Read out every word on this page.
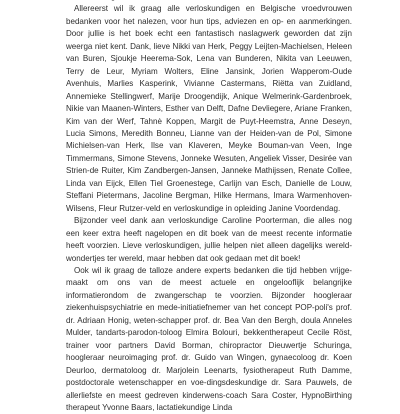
Allereerst wil ik graag alle verloskundigen en Belgische vroedvrouwen bedanken voor het nalezen, voor hun tips, adviezen en op- en aanmerkingen. Door jullie is het boek echt een fantastisch naslagwerk geworden dat zijn weerga niet kent. Dank, lieve Nikki van Herk, Peggy Leijten-Machielsen, Heleen van Buren, Sjoukje Heerema-Sok, Lena van Bunderen, Nikita van Leeuwen, Terry de Leur, Myriam Wolters, Eline Jansink, Jorien Wapperom-Oude Avenhuis, Marlies Kasperink, Vivianne Castermans, Riëtta van Zuidland, Annemieke Stellingwerf, Marije Droogendijk, Anique Welmerink-Gardenbroek, Nikie van Maanen-Winters, Esther van Delft, Dafne Devliegere, Ariane Franken, Kim van der Werf, Tahnė Koppen, Margit de Puyt-Heemstra, Anne Deseyn, Lucia Simons, Meredith Bonneu, Lianne van der Heiden-van de Pol, Simone Michielsen-van Herk, Ilse van Klaveren, Meyke Bouman-van Veen, Inge Timmermans, Simone Stevens, Jonneke Wesuten, Angeliek Visser, Desirée van Strien-de Ruiter, Kim Zandbergen-Jansen, Janneke Mathijssen, Renate Collee, Linda van Eijck, Ellen Tiel Groenestege, Carlijn van Esch, Danielle de Louw, Steffani Pietermans, Jacoline Bergman, Hilke Hermans, Imara Warmenhoven-Wilsens, Fleur Rutzer-veld en verloskundige in opleiding Janine Voordendag.

Bijzonder veel dank aan verloskundige Caroline Poorterman, die alles nog een keer extra heeft nagelopen en dit boek van de meest recente informatie heeft voorzien. Lieve verloskundigen, jullie helpen niet alleen dagelijks wereld-wondertjes ter wereld, maar hebben dat ook gedaan met dit boek!

Ook wil ik graag de talloze andere experts bedanken die tijd hebben vrijge-maakt om ons van de meest actuele en ongelooflijk belangrijke informatierondom de zwangerschap te voorzien. Bijzonder hoogleraar ziekenhuispsychiatrie en mede-initiatiefnemer van het concept POP-poli's prof. dr. Adriaan Honig, weten-schapper prof. dr. Bea Van den Bergh, doula Anneles Mulder, tandarts-parodon-toloog Elmira Bolouri, bekkentherapeut Cecile Röst, trainer voor partners David Borman, chiropractor Dieuwertje Schuringa, hoogleraar neuroimaging prof. dr. Guido van Wingen, gynaecoloog dr. Koen Deurloo, dermatoloog dr. Marjolein Leenarts, fysiotherapeut Ruth Damme, postdoctorale wetenschapper en voe-dingsdeskundige dr. Sara Pauwels, de allerliefste en meest gedreven kinderwens-coach Sara Coster, HypnoBirthing therapeut Yvonne Baars, lactatiekundige Linda
